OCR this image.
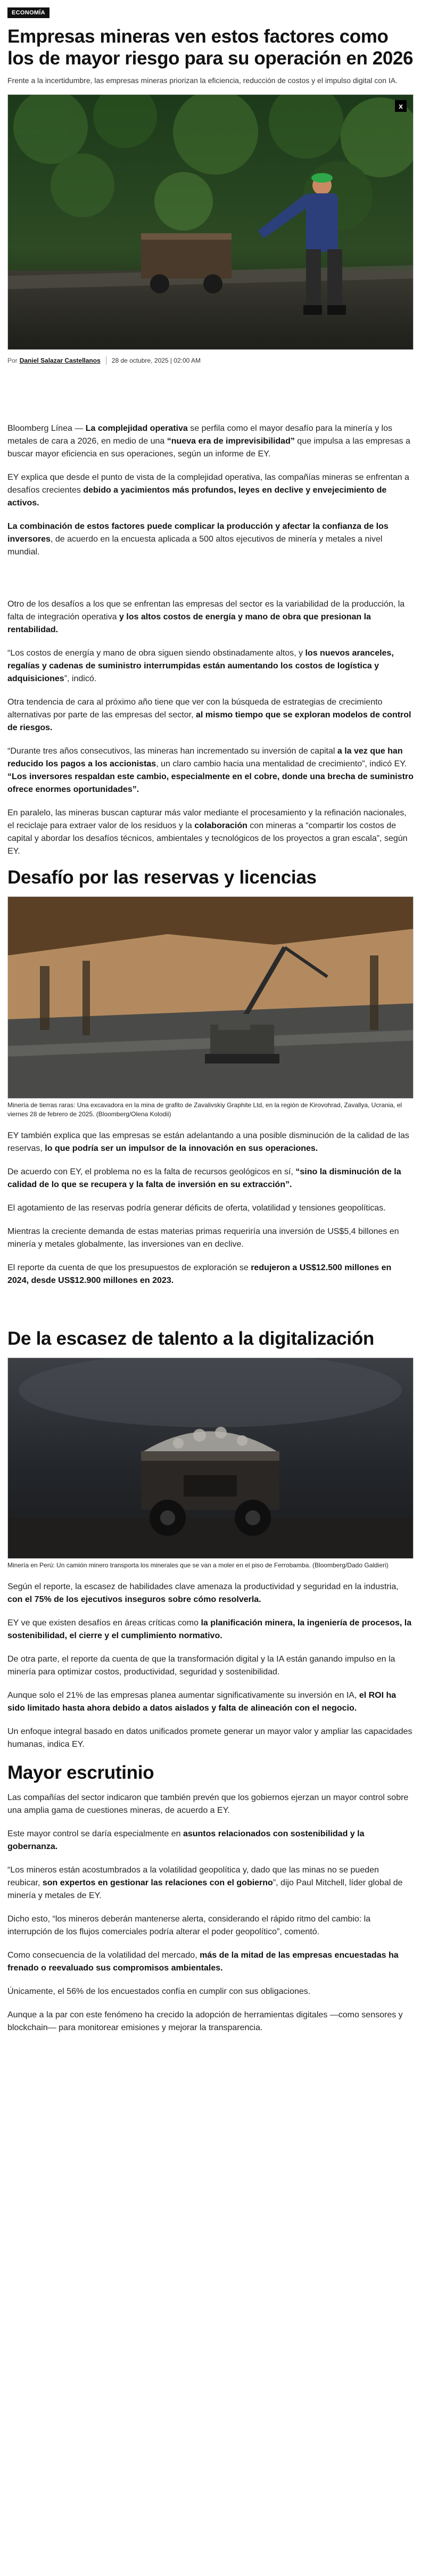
ECONOMÍA
Empresas mineras ven estos factores como los de mayor riesgo para su operación en 2026

Frente a la incertidumbre, las empresas mineras priorizan la eficiencia, reducción de costos y el impulso digital con IA.

x
Por Daniel Salazar Castellanos 28 de octubre, 2025 | 02:00 AM

Bloomberg Línea — La complejidad operativa se perfila como el mayor desafío para la minería y los metales de cara a 2026, en medio de una “nueva era de imprevisibilidad” que impulsa a las empresas a buscar mayor eficiencia en sus operaciones, según un informe de EY.

EY explica que desde el punto de vista de la complejidad operativa, las compañías mineras se enfrentan a desafíos crecientes debido a yacimientos más profundos, leyes en declive y envejecimiento de activos.

La combinación de estos factores puede complicar la producción y afectar la confianza de los inversores, de acuerdo en la encuesta aplicada a 500 altos ejecutivos de minería y metales a nivel mundial.

Otro de los desafíos a los que se enfrentan las empresas del sector es la variabilidad de la producción, la falta de integración operativa y los altos costos de energía y mano de obra que presionan la rentabilidad.

“Los costos de energía y mano de obra siguen siendo obstinadamente altos, y los nuevos aranceles, regalías y cadenas de suministro interrumpidas están aumentando los costos de logística y adquisiciones”, indicó.

Otra tendencia de cara al próximo año tiene que ver con la búsqueda de estrategias de crecimiento alternativas por parte de las empresas del sector, al mismo tiempo que se exploran modelos de control de riesgos.

“Durante tres años consecutivos, las mineras han incrementado su inversión de capital a la vez que han reducido los pagos a los accionistas, un claro cambio hacia una mentalidad de crecimiento”, indicó EY. “Los inversores respaldan este cambio, especialmente en el cobre, donde una brecha de suministro ofrece enormes oportunidades”.

En paralelo, las mineras buscan capturar más valor mediante el procesamiento y la refinación nacionales, el reciclaje para extraer valor de los residuos y la colaboración con mineras a “compartir los costos de capital y abordar los desafíos técnicos, ambientales y tecnológicos de los proyectos a gran escala”, según EY.

Desafío por las reservas y licencias
Minería de tierras raras: Una excavadora en la mina de grafito de Zavalivskiy Graphite Ltd, en la región de Kirovohrad, Zavallya, Ucrania, el viernes 28 de febrero de 2025. (Bloomberg/Olena Kolodii)

EY también explica que las empresas se están adelantando a una posible disminución de la calidad de las reservas, lo que podría ser un impulsor de la innovación en sus operaciones.

De acuerdo con EY, el problema no es la falta de recursos geológicos en sí, “sino la disminución de la calidad de lo que se recupera y la falta de inversión en su extracción”.

El agotamiento de las reservas podría generar déficits de oferta, volatilidad y tensiones geopolíticas.

Mientras la creciente demanda de estas materias primas requeriría una inversión de US$5,4 billones en minería y metales globalmente, las inversiones van en declive.

El reporte da cuenta de que los presupuestos de exploración se redujeron a US$12.500 millones en 2024, desde US$12.900 millones en 2023.

De la escasez de talento a la digitalización
Minería en Perú: Un camión minero transporta los minerales que se van a moler en el piso de Ferrobamba. (Bloomberg/Dado Galdieri)

Según el reporte, la escasez de habilidades clave amenaza la productividad y seguridad en la industria, con el 75% de los ejecutivos inseguros sobre cómo resolverla.

EY ve que existen desafíos en áreas críticas como la planificación minera, la ingeniería de procesos, la sostenibilidad, el cierre y el cumplimiento normativo.

De otra parte, el reporte da cuenta de que la transformación digital y la IA están ganando impulso en la minería para optimizar costos, productividad, seguridad y sostenibilidad.

Aunque solo el 21% de las empresas planea aumentar significativamente su inversión en IA, el ROI ha sido limitado hasta ahora debido a datos aislados y falta de alineación con el negocio.

Un enfoque integral basado en datos unificados promete generar un mayor valor y ampliar las capacidades humanas, indica EY.

Mayor escrutinio

Las compañías del sector indicaron que también prevén que los gobiernos ejerzan un mayor control sobre una amplia gama de cuestiones mineras, de acuerdo a EY.

Este mayor control se daría especialmente en asuntos relacionados con sostenibilidad y la gobernanza.

“Los mineros están acostumbrados a la volatilidad geopolítica y, dado que las minas no se pueden reubicar, son expertos en gestionar las relaciones con el gobierno”, dijo Paul Mitchell, líder global de minería y metales de EY.

Dicho esto, “los mineros deberán mantenerse alerta, considerando el rápido ritmo del cambio: la interrupción de los flujos comerciales podría alterar el poder geopolítico”, comentó.

Como consecuencia de la volatilidad del mercado, más de la mitad de las empresas encuestadas ha frenado o reevaluado sus compromisos ambientales.

Únicamente, el 56% de los encuestados confía en cumplir con sus obligaciones.

Aunque a la par con este fenómeno ha crecido la adopción de herramientas digitales —como sensores y blockchain— para monitorear emisiones y mejorar la transparencia.
